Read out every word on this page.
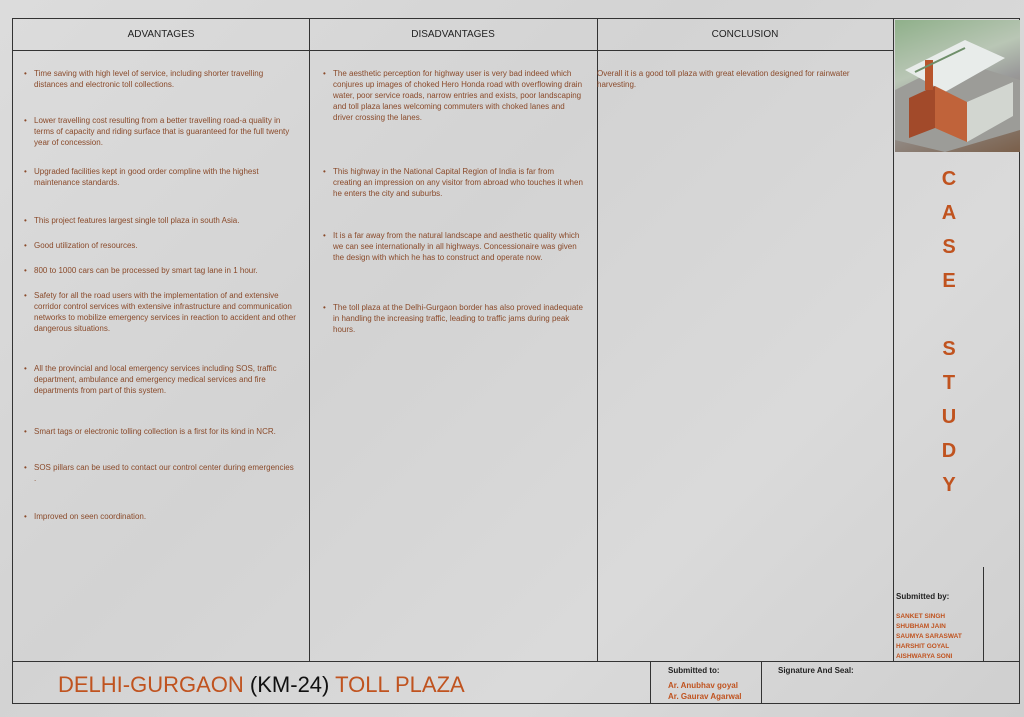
ADVANTAGES	DISADVANTAGES	CONCLUSION
• Time saving with high level of service, including shorter travelling distances and electronic toll collections.
• Lower travelling cost resulting from a better travelling road-a quality in terms of capacity and riding surface that is guaranteed for the full twenty year of concession.
• Upgraded facilities kept in good order compline with the highest maintenance standards.
• This project features largest single toll plaza in south Asia.
• Good utilization of resources.
• 800 to 1000 cars can be processed by smart tag lane in 1 hour.
• Safety for all the road users with the implementation of and extensive corridor control services with extensive infrastructure and communication networks to mobilize emergency services in reaction to accident and other dangerous situations.
• All the provincial and local emergency services including SOS, traffic department, ambulance and emergency medical services and fire departments from part of this system.
• Smart tags or electronic tolling collection is a first for its kind in NCR.
• SOS pillars can be used to contact our control center during emergencies .
• Improved on seen coordination.
• The aesthetic perception for highway user is very bad indeed which conjures up images of choked Hero Honda road with overflowing drain water, poor service roads, narrow entries and exists, poor landscaping and toll plaza lanes welcoming commuters with choked lanes and driver crossing the lanes.
• This highway in the National Capital Region of India is far from creating an impression on any visitor from abroad who touches it when he enters the city and suburbs.
• It is a far away from the natural landscape and aesthetic quality which we can see internationally in all highways. Concessionaire was given the design with which he has to construct and operate now.
• The toll plaza at the Delhi-Gurgaon border has also proved inadequate in handling the increasing traffic, leading to traffic jams during peak hours.
Overall it is a good toll plaza with great elevation designed for rainwater harvesting.
C
A
S
E
S
T
U
D
Y
Submitted by:
SANKET SINGH
SHUBHAM JAIN
SAUMYA SARASWAT
HARSHIT GOYAL
AISHWARYA SONI
DELHI-GURGAON (KM-24) TOLL PLAZA
Submitted to:
Ar. Anubhav goyal
Ar. Gaurav Agarwal
Signature And Seal:
